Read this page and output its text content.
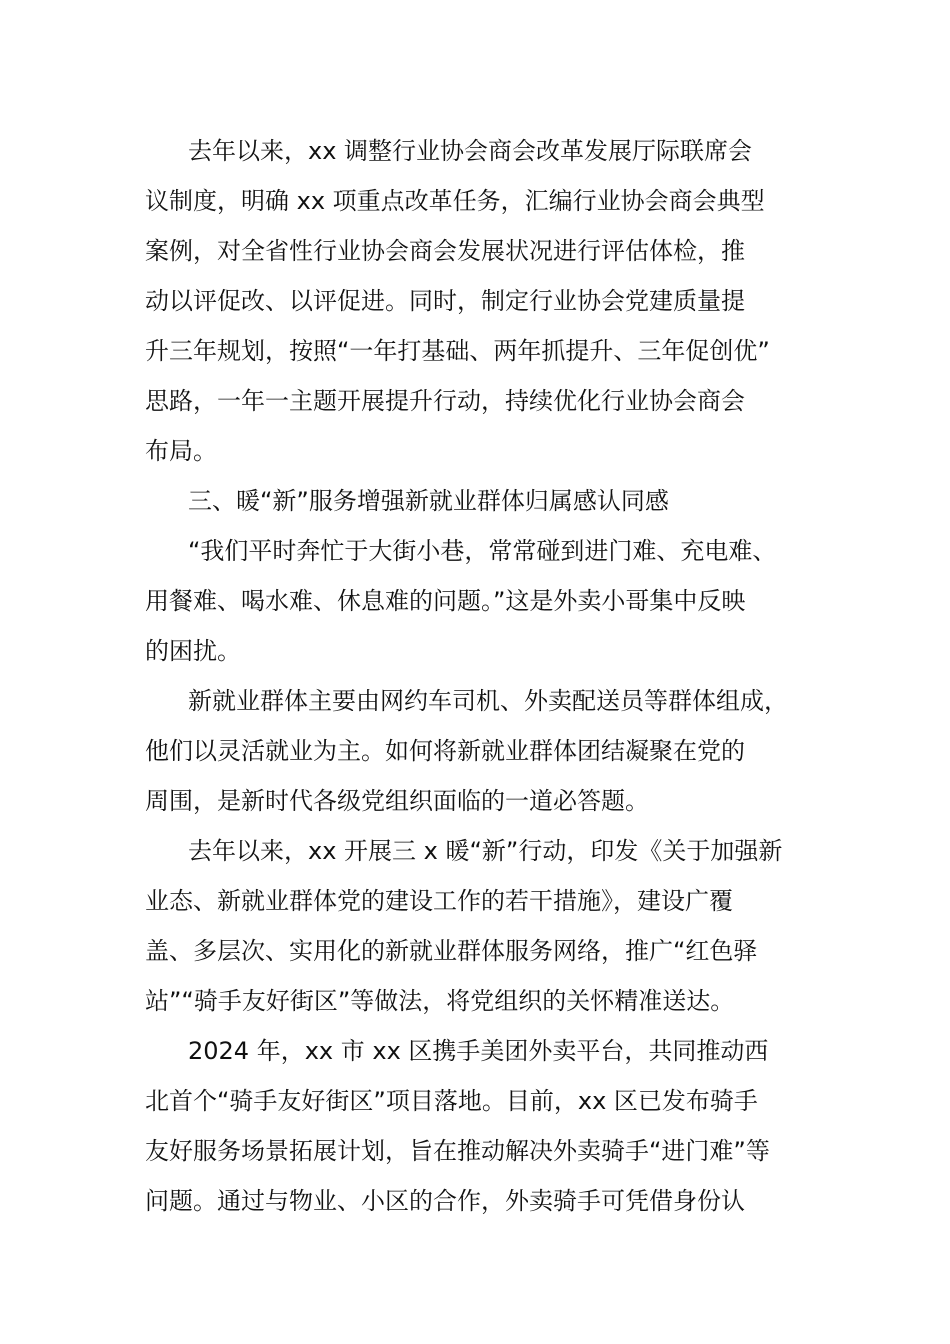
去年以来，xx 调整行业协会商会改革发展厅际联席会
议制度，明确 xx 项重点改革任务，汇编行业协会商会典型
案例，对全省性行业协会商会发展状况进行评估体检，推
动以评促改、以评促进。同时，制定行业协会党建质量提
升三年规划，按照“一年打基础、两年抓提升、三年促创优”
思路，一年一主题开展提升行动，持续优化行业协会商会
布局。
三、暖“新”服务增强新就业群体归属感认同感
“我们平时奔忙于大街小巷，常常碰到进门难、充电难、
用餐难、喝水难、休息难的问题。”这是外卖小哥集中反映
的困扰。
新就业群体主要由网约车司机、外卖配送员等群体组成，
他们以灵活就业为主。如何将新就业群体团结凝聚在党的
周围，是新时代各级党组织面临的一道必答题。
去年以来，xx 开展三 x 暖“新”行动，印发《关于加强新
业态、新就业群体党的建设工作的若干措施》，建设广覆
盖、多层次、实用化的新就业群体服务网络，推广“红色驿
站”“骑手友好街区”等做法，将党组织的关怀精准送达。
2024 年，xx 市 xx 区携手美团外卖平台，共同推动西
北首个“骑手友好街区”项目落地。目前，xx 区已发布骑手
友好服务场景拓展计划，旨在推动解决外卖骑手“进门难”等
问题。通过与物业、小区的合作，外卖骑手可凭借身份认
